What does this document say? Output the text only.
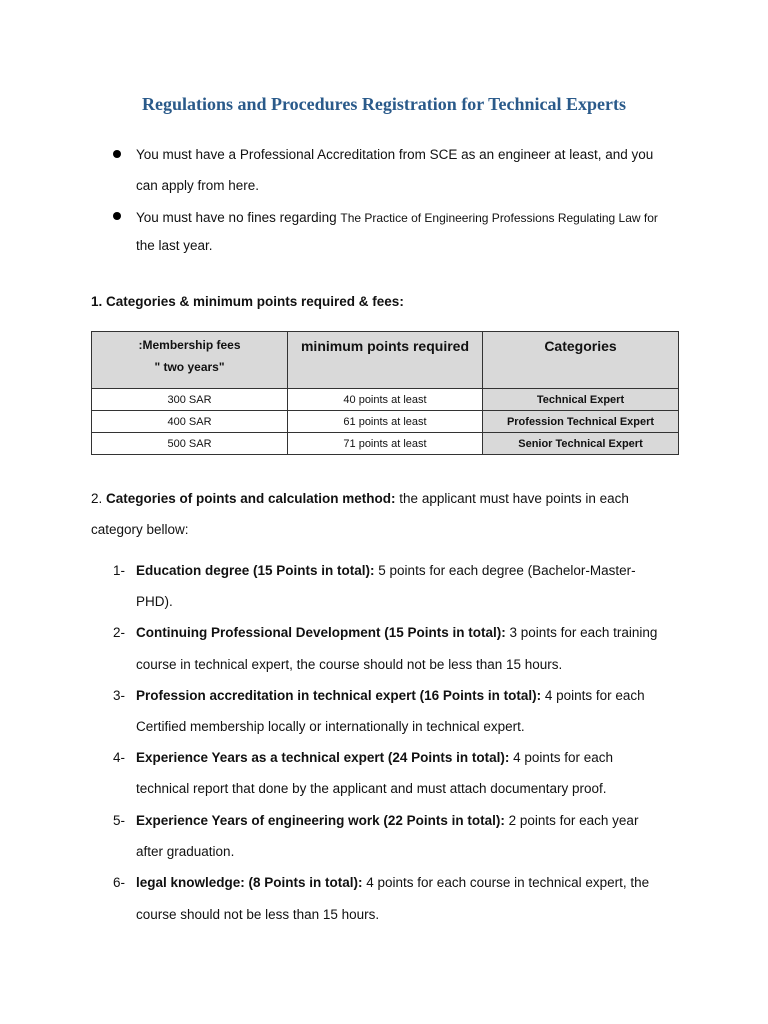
Regulations and Procedures Registration for Technical Experts
You must have a Professional Accreditation from SCE as an engineer at least, and you
can apply from here.
You must have no fines regarding The Practice of Engineering Professions Regulating Law for
the last year.
1. Categories & minimum points required & fees:
:Membership fees
" two years"	minimum points required	Categories
300 SAR	40 points at least	Technical Expert
400 SAR	61 points at least	Profession Technical Expert
500 SAR	71 points at least	Senior Technical Expert
2. Categories of points and calculation method: the applicant must have points in each
category bellow:
1- Education degree (15 Points in total): 5 points for each degree (Bachelor-Master-
PHD).
2- Continuing Professional Development (15 Points in total): 3 points for each training
course in technical expert, the course should not be less than 15 hours.
3- Profession accreditation in technical expert (16 Points in total): 4 points for each
Certified membership locally or internationally in technical expert.
4- Experience Years as a technical expert (24 Points in total): 4 points for each
technical report that done by the applicant and must attach documentary proof.
5- Experience Years of engineering work (22 Points in total): 2 points for each year
after graduation.
6- legal knowledge: (8 Points in total): 4 points for each course in technical expert, the
course should not be less than 15 hours.
